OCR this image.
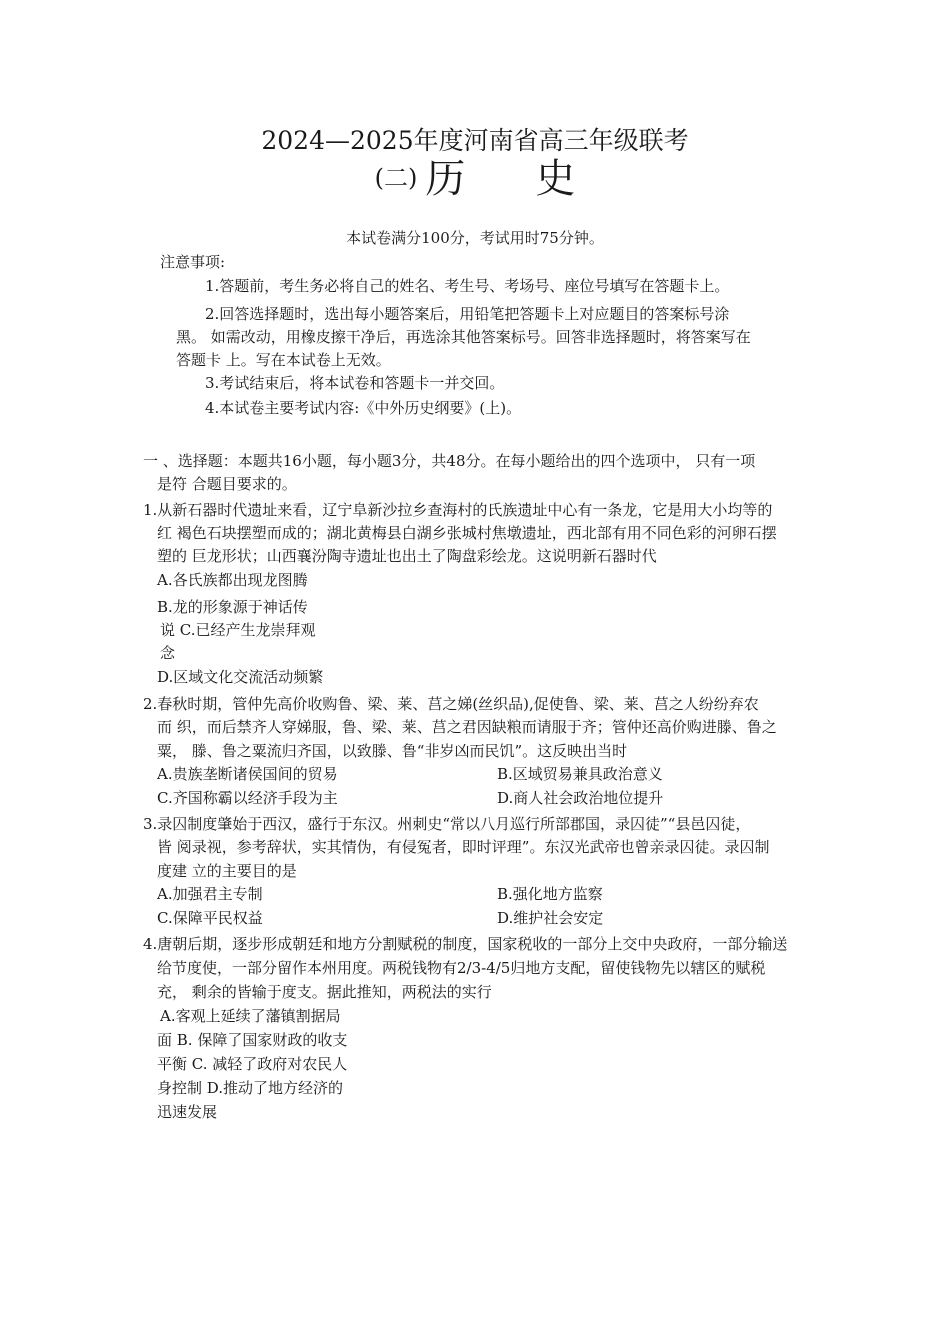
2024—2025年度河南省高三年级联考
(二) 历 史
本试卷满分100分，考试用时75分钟。
注意事项:
1.答题前，考生务必将自己的姓名、考生号、考场号、座位号填写在答题卡上。
2.回答选择题时，选出每小题答案后，用铅笔把答题卡上对应题目的答案标号涂
黑。 如需改动，用橡皮擦干净后，再选涂其他答案标号。回答非选择题时，将答案写在
答题卡 上。写在本试卷上无效。
3.考试结束后，将本试卷和答题卡一并交回。
4.本试卷主要考试内容:《中外历史纲要》(上)。
一 、选择题：本题共16小题，每小题3分，共48分。在每小题给出的四个选项中， 只有一项
是符 合题目要求的。
1.从新石器时代遗址来看，辽宁阜新沙拉乡查海村的氏族遗址中心有一条龙，它是用大小均等的
红 褐色石块摆塑而成的；湖北黄梅县白湖乡张城村焦墩遗址，西北部有用不同色彩的河卵石摆
塑的 巨龙形状；山西襄汾陶寺遗址也出土了陶盘彩绘龙。这说明新石器时代
A.各氏族都出现龙图腾
B.龙的形象源于神话传
说 C.已经产生龙崇拜观
念
D.区域文化交流活动频繁
2.春秋时期，管仲先高价收购鲁、梁、莱、莒之娣(丝织品),促使鲁、梁、莱、莒之人纷纷弃农
而 织，而后禁齐人穿娣服，鲁、梁、莱、莒之君因缺粮而请服于齐；管仲还高价购进滕、鲁之
粟， 滕、鲁之粟流归齐国，以致滕、鲁“非岁凶而民饥”。这反映出当时
A.贵族垄断诸侯国间的贸易	B.区域贸易兼具政治意义
C.齐国称霸以经济手段为主	D.商人社会政治地位提升
3.录囚制度肇始于西汉，盛行于东汉。州刺史“常以八月巡行所部郡国，录囚徒”“县邑囚徒，
皆 阅录视，参考辞状，实其情伪，有侵冤者，即时评理”。东汉光武帝也曾亲录囚徒。录囚制
度建 立的主要目的是
A.加强君主专制	B.强化地方监察
C.保障平民权益	D.维护社会安定
4.唐朝后期，逐步形成朝廷和地方分割赋税的制度，国家税收的一部分上交中央政府，一部分输送
给节度使，一部分留作本州用度。两税钱物有2/3-4/5归地方支配，留使钱物先以辖区的赋税
充， 剩余的皆输于度支。据此推知，两税法的实行
A.客观上延续了藩镇割据局
面 B. 保障了国家财政的收支
平衡 C. 减轻了政府对农民人
身控制 D.推动了地方经济的
迅速发展
